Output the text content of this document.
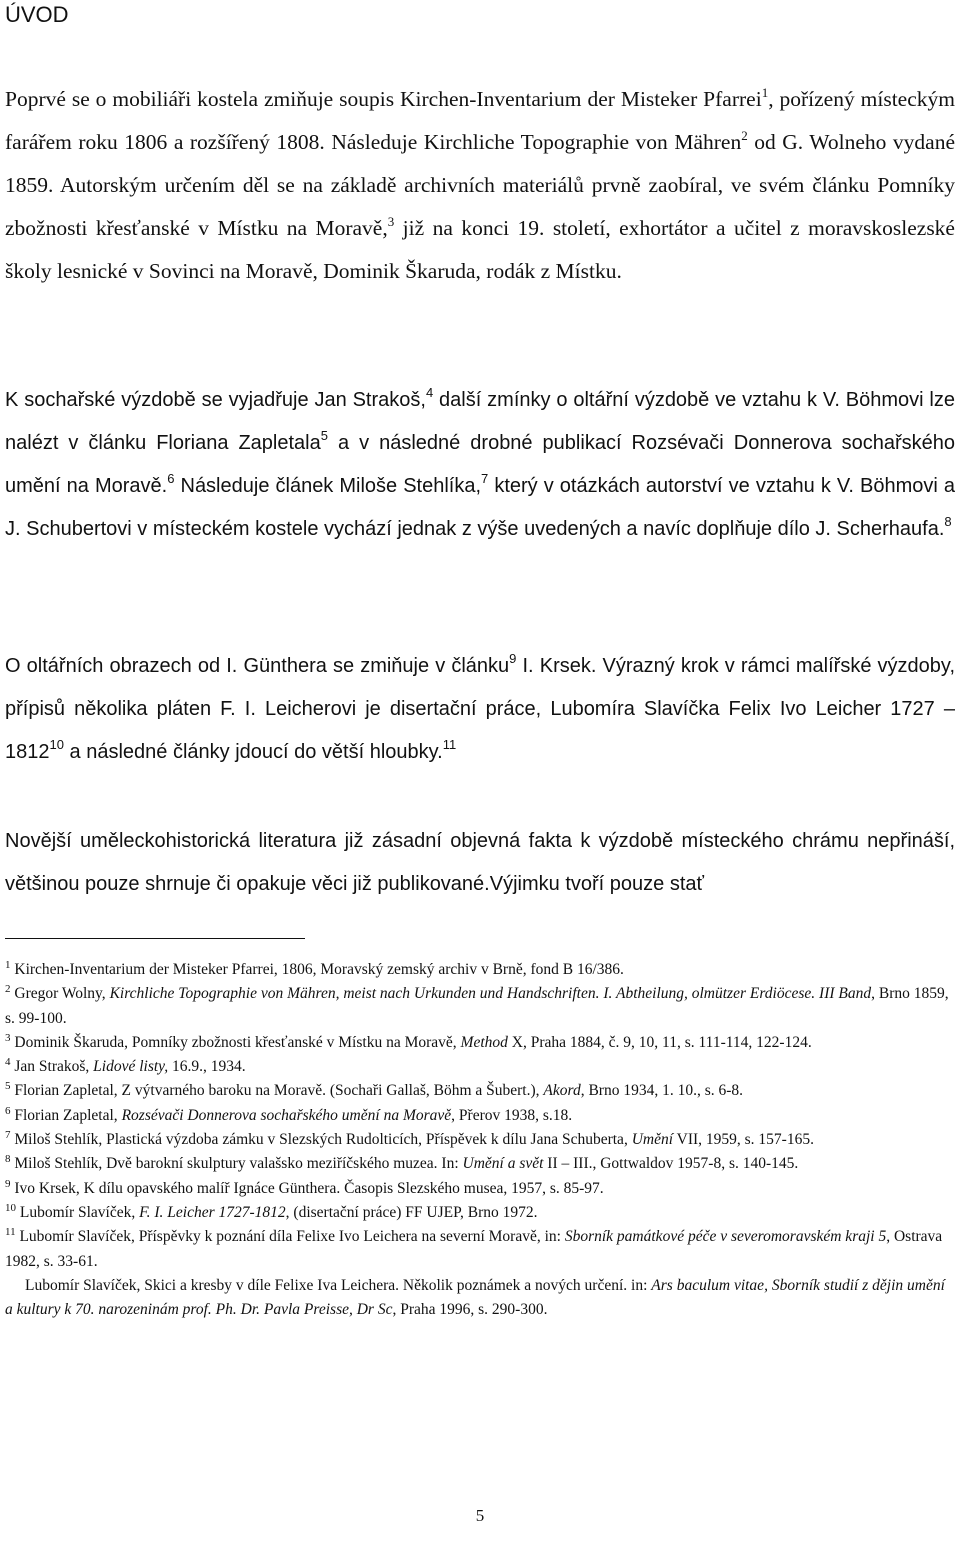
ÚVOD

Poprvé se o mobiliáři kostela zmiňuje soupis Kirchen-Inventarium der Misteker Pfarrei$^1$, pořízený místeckým farářem roku 1806 a rozšířený 1808. Následuje Kirchliche Topographie von Mähren$^2$ od G. Wolneho vydané 1859. Autorským určením děl se na základě archivních materiálů prvně zaobíral, ve svém článku Pomníky zbožnosti křesťanské v Místku na Moravě,$^3$ již na konci 19. století, exhortátor a učitel z moravskoslezské školy lesnické v Sovinci na Moravě, Dominik Škaruda, rodák z Místku.

K sochařské výzdobě se vyjadřuje Jan Strakoš,$^4$ další zmínky o oltářní výzdobě ve vztahu k V. Böhmovi lze nalézt v článku Floriana Zapletala$^5$ a v následné drobné publikací Rozsévači Donnerova sochařského umění na Moravě.$^6$ Následuje článek Miloše Stehlíka,$^7$ který v otázkách autorství ve vztahu k V. Böhmovi a J. Schubertovi v místeckém kostele vychází jednak z výše uvedených a navíc doplňuje dílo J. Scherhaufa.$^8$

O oltářních obrazech od I. Günthera se zmiňuje v článku$^9$ I. Krsek. Výrazný krok v rámci malířské výzdoby, přípisů několika pláten F. I. Leicherovi je disertační práce, Lubomíra Slavíčka Felix Ivo Leicher 1727 – 1812$^{10}$ a následné články jdoucí do větší hloubky.$^{11}$

Novější uměleckohistorická literatura již zásadní objevná fakta k výzdobě místeckého chrámu nepřináší, většinou pouze shrnuje či opakuje věci již publikované.Výjimku tvoří pouze stať

$^1$ Kirchen-Inventarium der Misteker Pfarrei, 1806, Moravský zemský archiv v Brně, fond B 16/386.

$^2$ Gregor Wolny, Kirchliche Topographie von Mähren, meist nach Urkunden und Handschriften. I. Abtheilung, olmützer Erdiöcese. III Band, Brno 1859, s. 99-100.

$^3$ Dominik Škaruda, Pomníky zbožnosti křesťanské v Místku na Moravě, Method X, Praha 1884, č. 9, 10, 11, s. 111-114, 122-124.

$^4$ Jan Strakoš, Lidové listy, 16.9., 1934.

$^5$ Florian Zapletal, Z výtvarného baroku na Moravě. (Sochaři Gallaš, Böhm a Šubert.), Akord, Brno 1934, 1. 10., s. 6-8.

$^6$ Florian Zapletal, Rozsévači Donnerova sochařského umění na Moravě, Přerov 1938, s.18.

$^7$ Miloš Stehlík, Plastická výzdoba zámku v Slezských Rudolticích, Příspěvek k dílu Jana Schuberta, Umění VII, 1959, s. 157-165.

$^8$ Miloš Stehlík, Dvě barokní skulptury valašsko meziříčského muzea. In: Umění a svět II – III., Gottwaldov 1957-8, s. 140-145.

$^9$ Ivo Krsek, K dílu opavského malíř Ignáce Günthera. Časopis Slezského musea, 1957, s. 85-97.

$^{10}$ Lubomír Slavíček, F. I. Leicher 1727-1812, (disertační práce) FF UJEP, Brno 1972.

$^{11}$ Lubomír Slavíček, Příspěvky k poznání díla Felixe Ivo Leichera na severní Moravě, in: Sborník památkové péče v severomoravském kraji 5, Ostrava 1982, s. 33-61.

Lubomír Slavíček, Skici a kresby v díle Felixe Iva Leichera. Několik poznámek a nových určení. in: Ars baculum vitae, Sborník studií z dějin umění a kultury k 70. narozeninám prof. Ph. Dr. Pavla Preisse, Dr Sc, Praha 1996, s. 290-300.

5
